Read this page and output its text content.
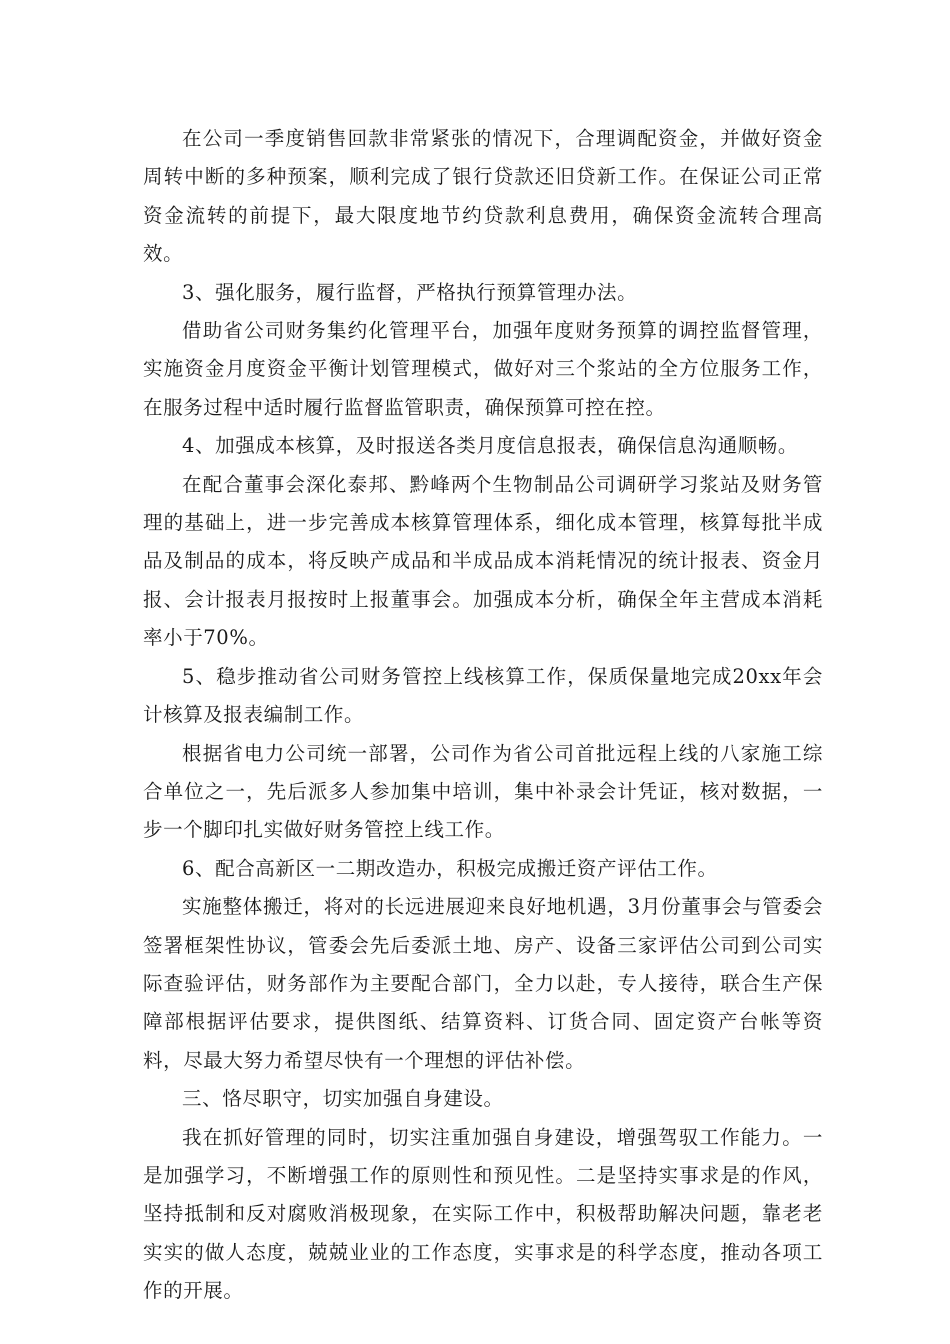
在公司一季度销售回款非常紧张的情况下，合理调配资金，并做好资金周转中断的多种预案，顺利完成了银行贷款还旧贷新工作。在保证公司正常资金流转的前提下，最大限度地节约贷款利息费用，确保资金流转合理高效。

3、强化服务，履行监督，严格执行预算管理办法。

借助省公司财务集约化管理平台，加强年度财务预算的调控监督管理，实施资金月度资金平衡计划管理模式，做好对三个浆站的全方位服务工作，在服务过程中适时履行监督监管职责，确保预算可控在控。

4、加强成本核算，及时报送各类月度信息报表，确保信息沟通顺畅。

在配合董事会深化泰邦、黔峰两个生物制品公司调研学习浆站及财务管理的基础上，进一步完善成本核算管理体系，细化成本管理，核算每批半成品及制品的成本，将反映产成品和半成品成本消耗情况的统计报表、资金月报、会计报表月报按时上报董事会。加强成本分析，确保全年主营成本消耗率小于70%。

5、稳步推动省公司财务管控上线核算工作，保质保量地完成20xx年会计核算及报表编制工作。

根据省电力公司统一部署，公司作为省公司首批远程上线的八家施工综合单位之一，先后派多人参加集中培训，集中补录会计凭证，核对数据，一步一个脚印扎实做好财务管控上线工作。

6、配合高新区一二期改造办，积极完成搬迁资产评估工作。

实施整体搬迁，将对的长远进展迎来良好地机遇，3月份董事会与管委会签署框架性协议，管委会先后委派土地、房产、设备三家评估公司到公司实际查验评估，财务部作为主要配合部门，全力以赴，专人接待，联合生产保障部根据评估要求，提供图纸、结算资料、订货合同、固定资产台帐等资料，尽最大努力希望尽快有一个理想的评估补偿。

三、恪尽职守，切实加强自身建设。

我在抓好管理的同时，切实注重加强自身建设，增强驾驭工作能力。一是加强学习，不断增强工作的原则性和预见性。二是坚持实事求是的作风，坚持抵制和反对腐败消极现象，在实际工作中，积极帮助解决问题，靠老老实实的做人态度，兢兢业业的工作态度，实事求是的科学态度，推动各项工作的开展。
